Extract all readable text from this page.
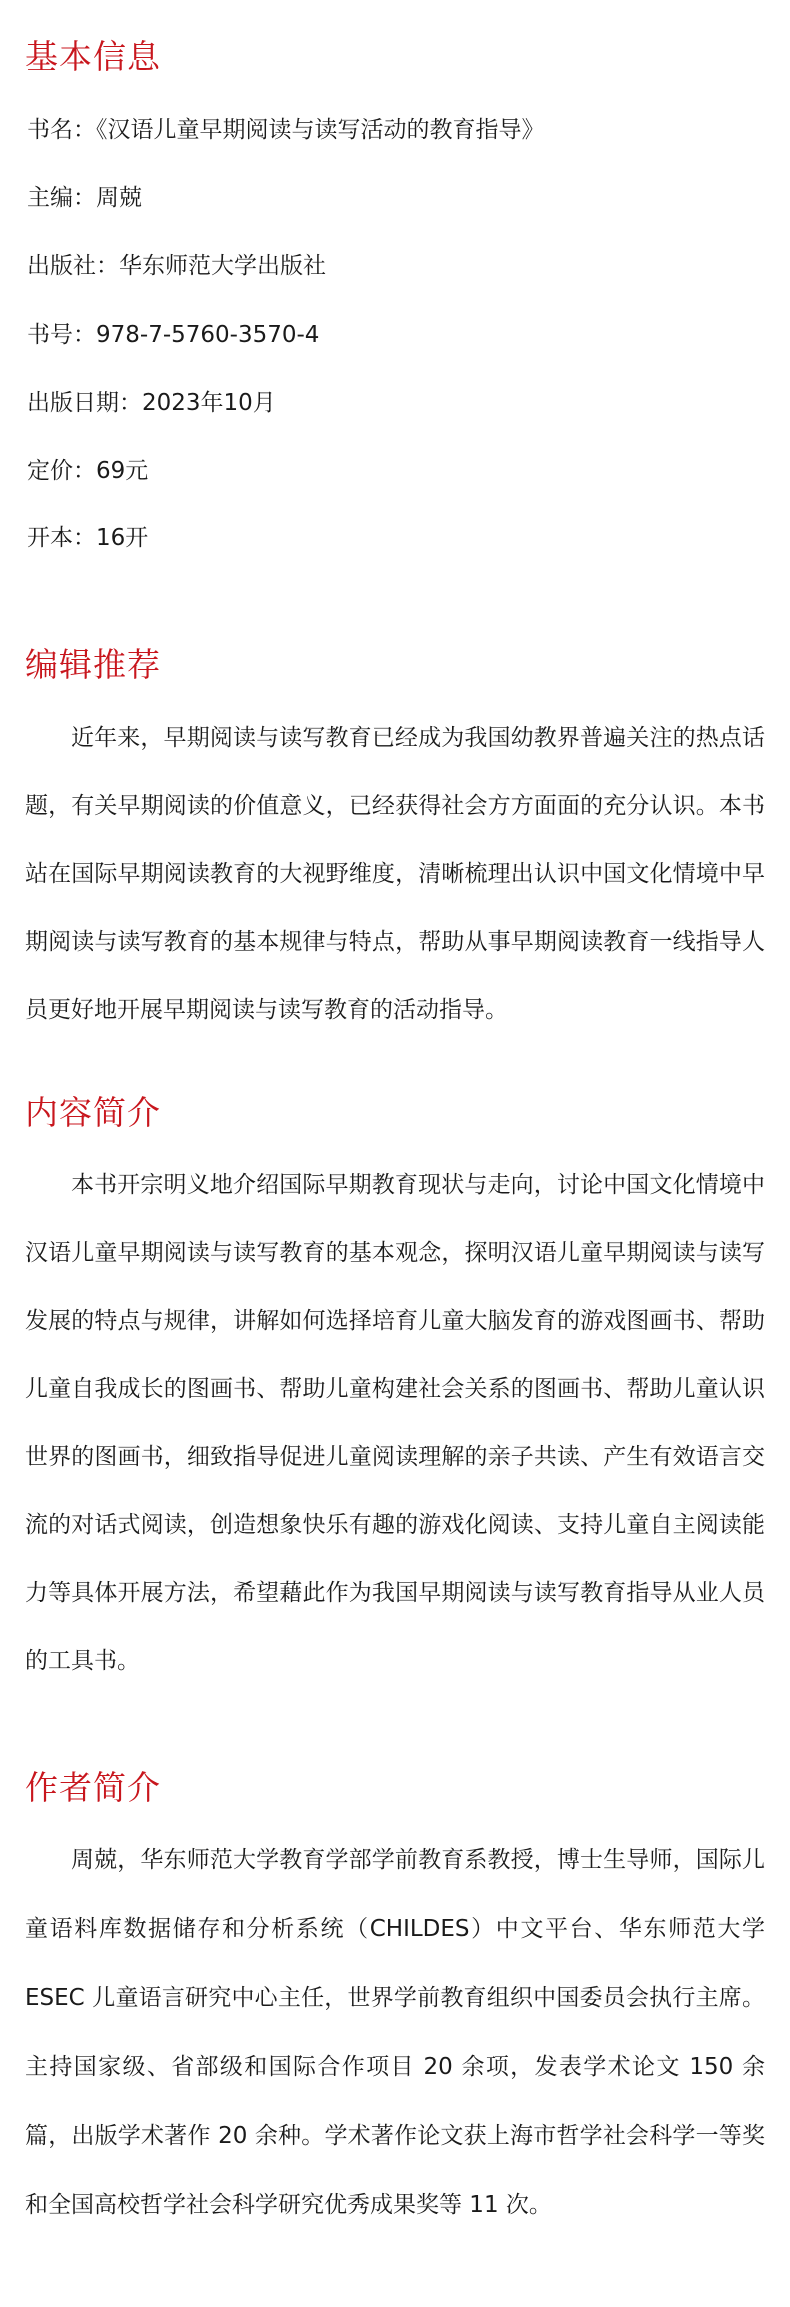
基本信息
书名：《汉语儿童早期阅读与读写活动的教育指导》
主编：周兢
出版社：华东师范大学出版社
书号：978-7-5760-3570-4
出版日期：2023年10月
定价：69元
开本：16开
编辑推荐

近年来，早期阅读与读写教育已经成为我国幼教界普遍关注的热点话题，有关早期阅读的价值意义，已经获得社会方方面面的充分认识。本书站在国际早期阅读教育的大视野维度，清晰梳理出认识中国文化情境中早期阅读与读写教育的基本规律与特点，帮助从事早期阅读教育一线指导人员更好地开展早期阅读与读写教育的活动指导。

内容简介

本书开宗明义地介绍国际早期教育现状与走向，讨论中国文化情境中汉语儿童早期阅读与读写教育的基本观念，探明汉语儿童早期阅读与读写发展的特点与规律，讲解如何选择培育儿童大脑发育的游戏图画书、帮助儿童自我成长的图画书、帮助儿童构建社会关系的图画书、帮助儿童认识世界的图画书，细致指导促进儿童阅读理解的亲子共读、产生有效语言交流的对话式阅读，创造想象快乐有趣的游戏化阅读、支持儿童自主阅读能力等具体开展方法，希望藉此作为我国早期阅读与读写教育指导从业人员的工具书。

作者简介

周兢，华东师范大学教育学部学前教育系教授，博士生导师，国际儿童语料库数据储存和分析系统（CHILDES）中文平台、华东师范大学 ESEC 儿童语言研究中心主任，世界学前教育组织中国委员会执行主席。主持国家级、省部级和国际合作项目 20 余项，发表学术论文 150 余篇，出版学术著作 20 余种。学术著作论文获上海市哲学社会科学一等奖和全国高校哲学社会科学研究优秀成果奖等 11 次。
